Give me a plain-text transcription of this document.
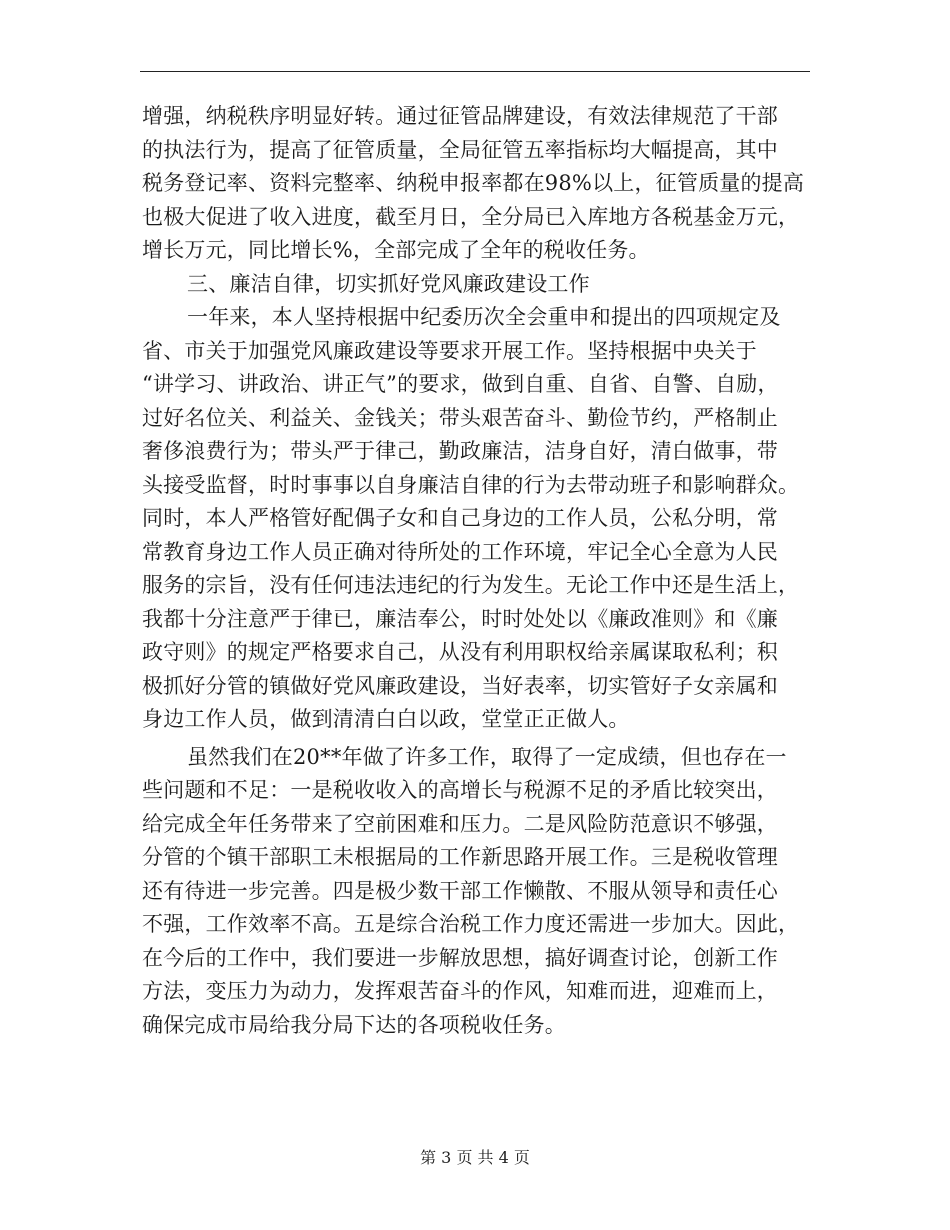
增强，纳税秩序明显好转。通过征管品牌建设，有效法律规范了干部
的执法行为，提高了征管质量，全局征管五率指标均大幅提高，其中
税务登记率、资料完整率、纳税申报率都在98%以上，征管质量的提高
也极大促进了收入进度，截至月日，全分局已入库地方各税基金万元，
增长万元，同比增长%，全部完成了全年的税收任务。
三、廉洁自律，切实抓好党风廉政建设工作
一年来，本人坚持根据中纪委历次全会重申和提出的四项规定及
省、市关于加强党风廉政建设等要求开展工作。坚持根据中央关于
“讲学习、讲政治、讲正气”的要求，做到自重、自省、自警、自励，
过好名位关、利益关、金钱关；带头艰苦奋斗、勤俭节约，严格制止
奢侈浪费行为；带头严于律己，勤政廉洁，洁身自好，清白做事，带
头接受监督，时时事事以自身廉洁自律的行为去带动班子和影响群众。
同时，本人严格管好配偶子女和自己身边的工作人员，公私分明，常
常教育身边工作人员正确对待所处的工作环境，牢记全心全意为人民
服务的宗旨，没有任何违法违纪的行为发生。无论工作中还是生活上，
我都十分注意严于律已，廉洁奉公，时时处处以《廉政准则》和《廉
政守则》的规定严格要求自己，从没有利用职权给亲属谋取私利；积
极抓好分管的镇做好党风廉政建设，当好表率，切实管好子女亲属和
身边工作人员，做到清清白白以政，堂堂正正做人。
虽然我们在20**年做了许多工作，取得了一定成绩，但也存在一
些问题和不足：一是税收收入的高增长与税源不足的矛盾比较突出，
给完成全年任务带来了空前困难和压力。二是风险防范意识不够强，
分管的个镇干部职工未根据局的工作新思路开展工作。三是税收管理
还有待进一步完善。四是极少数干部工作懒散、不服从领导和责任心
不强，工作效率不高。五是综合治税工作力度还需进一步加大。因此，
在今后的工作中，我们要进一步解放思想，搞好调查讨论，创新工作
方法，变压力为动力，发挥艰苦奋斗的作风，知难而进，迎难而上，
确保完成市局给我分局下达的各项税收任务。
第 3 页 共 4 页
